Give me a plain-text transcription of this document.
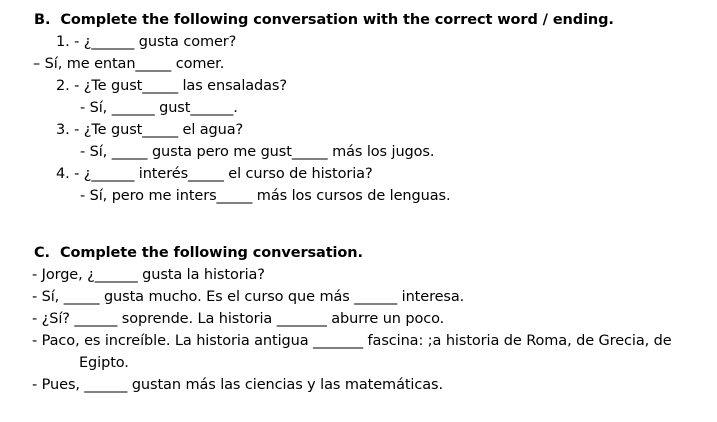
B. Complete the following conversation with the correct word / ending.
1. - ¿______ gusta comer?
– Sí, me entan_____ comer.
2. - ¿Te gust_____ las ensaladas?
- Sí, ______ gust______.
3. - ¿Te gust_____ el agua?
- Sí, _____ gusta pero me gust_____ más los jugos.
4. - ¿______ interés_____ el curso de historia?
- Sí, pero me inters_____ más los cursos de lenguas.
C. Complete the following conversation.
- Jorge, ¿______ gusta la historia?
- Sí, _____ gusta mucho. Es el curso que más ______ interesa.
- ¿Sí? ______ soprende. La historia _______ aburre un poco.
- Paco, es increíble. La historia antigua _______ fascina: ;a historia de Roma, de Grecia, de
Egipto.
- Pues, ______ gustan más las ciencias y las matemáticas.
